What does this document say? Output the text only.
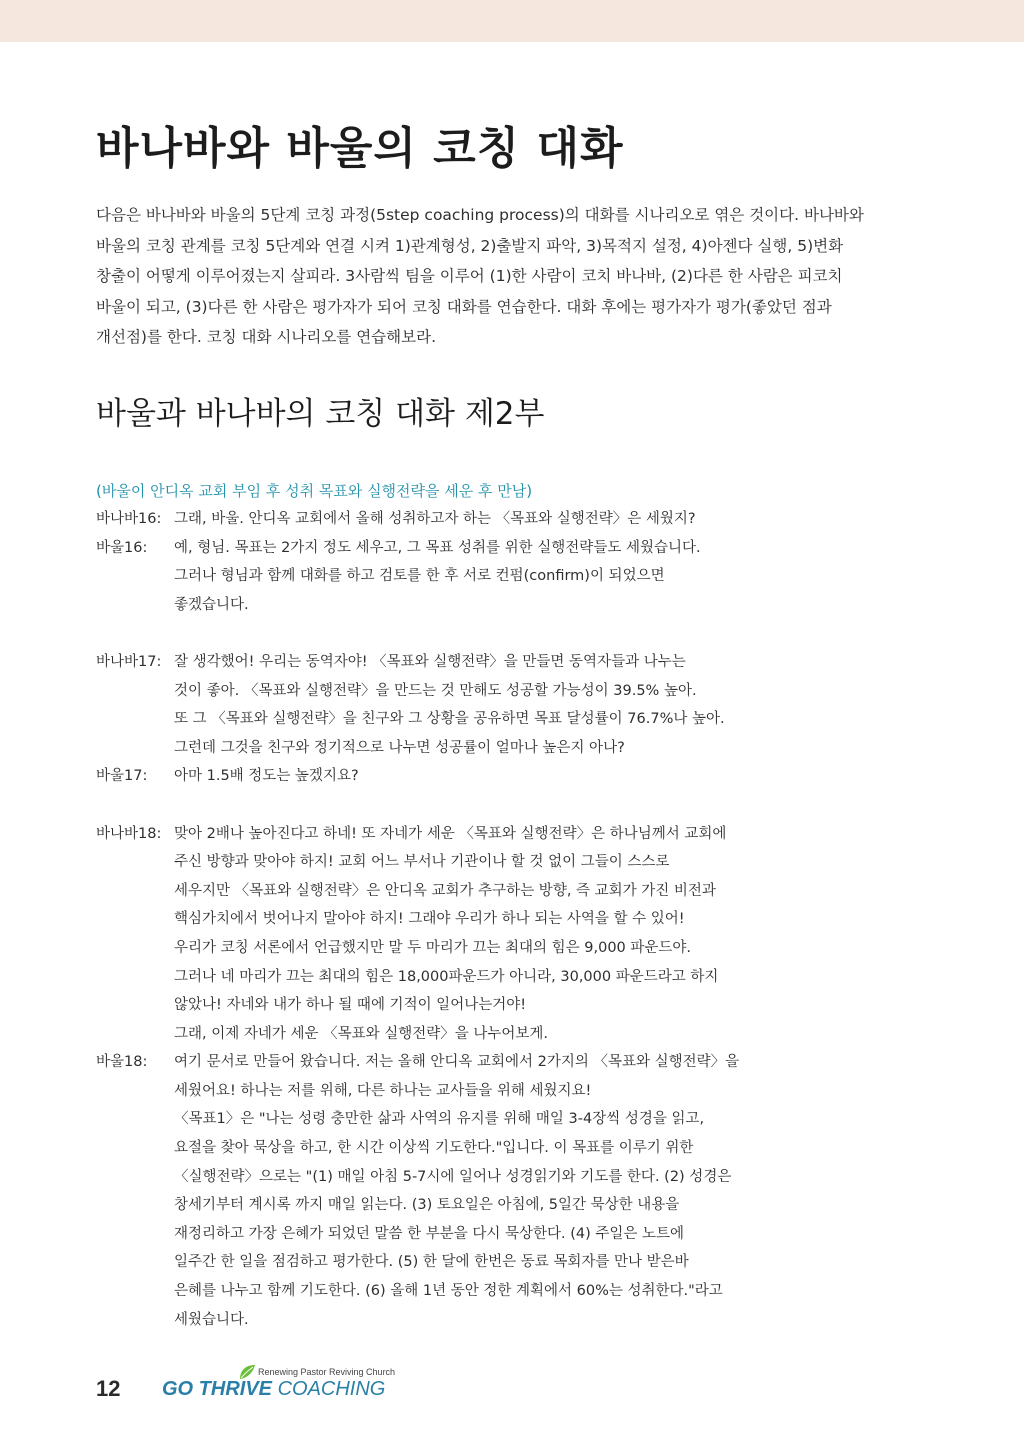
바나바와 바울의 코칭 대화
다음은 바나바와 바울의 5단계 코칭 과정(5step coaching process)의 대화를 시나리오로 엮은 것이다. 바나바와
바울의 코칭 관계를 코칭 5단계와 연결 시켜 1)관계형성, 2)출발지 파악, 3)목적지 설정, 4)아젠다 실행, 5)변화
창출이 어떻게 이루어졌는지 살피라. 3사람씩 팀을 이루어 (1)한 사람이 코치 바나바, (2)다른 한 사람은 피코치
바울이 되고, (3)다른 한 사람은 평가자가 되어 코칭 대화를 연습한다. 대화 후에는 평가자가 평가(좋았던 점과
개선점)를 한다. 코칭 대화 시나리오를 연습해보라.
바울과 바나바의 코칭 대화 제2부

(바울이 안디옥 교회 부임 후 성취 목표와 실행전략을 세운 후 만남)

바나바16: 그래, 바울. 안디옥 교회에서 올해 성취하고자 하는 〈목표와 실행전략〉은 세웠지?
바울16:	예, 형님. 목표는 2가지 정도 세우고, 그 목표 성취를 위한 실행전략들도 세웠습니다.
그러나 형님과 함께 대화를 하고 검토를 한 후 서로 컨펌(confirm)이 되었으면
좋겠습니다.
바나바17: 잘 생각했어! 우리는 동역자야! 〈목표와 실행전략〉을 만들면 동역자들과 나누는
것이 좋아. 〈목표와 실행전략〉을 만드는 것 만해도 성공할 가능성이 39.5% 높아.
또 그 〈목표와 실행전략〉을 친구와 그 상황을 공유하면 목표 달성률이 76.7%나 높아.
그런데 그것을 친구와 정기적으로 나누면 성공률이 얼마나 높은지 아나?
바울17:	아마 1.5배 정도는 높겠지요?
바나바18: 맞아 2배나 높아진다고 하네! 또 자네가 세운 〈목표와 실행전략〉은 하나님께서 교회에
주신 방향과 맞아야 하지! 교회 어느 부서나 기관이나 할 것 없이 그들이 스스로
세우지만 〈목표와 실행전략〉은 안디옥 교회가 추구하는 방향, 즉 교회가 가진 비전과
핵심가치에서 벗어나지 말아야 하지! 그래야 우리가 하나 되는 사역을 할 수 있어!
우리가 코칭 서론에서 언급했지만 말 두 마리가 끄는 최대의 힘은 9,000 파운드야.
그러나 네 마리가 끄는 최대의 힘은 18,000파운드가 아니라, 30,000 파운드라고 하지
않았나! 자네와 내가 하나 될 때에 기적이 일어나는거야!
그래, 이제 자네가 세운 〈목표와 실행전략〉을 나누어보게.
바울18:	여기 문서로 만들어 왔습니다. 저는 올해 안디옥 교회에서 2가지의 〈목표와 실행전략〉을
세웠어요! 하나는 저를 위해, 다른 하나는 교사들을 위해 세웠지요!
〈목표1〉은 "나는 성령 충만한 삶과 사역의 유지를 위해 매일 3-4장씩 성경을 읽고,
요절을 찾아 묵상을 하고, 한 시간 이상씩 기도한다."입니다. 이 목표를 이루기 위한
〈실행전략〉으로는 "(1) 매일 아침 5-7시에 일어나 성경읽기와 기도를 한다. (2) 성경은
창세기부터 계시록 까지 매일 읽는다. (3) 토요일은 아침에, 5일간 묵상한 내용을
재정리하고 가장 은혜가 되었던 말씀 한 부분을 다시 묵상한다. (4) 주일은 노트에
일주간 한 일을 점검하고 평가한다. (5) 한 달에 한번은 동료 목회자를 만나 받은바
은혜를 나누고 함께 기도한다. (6) 올해 1년 동안 정한 계획에서 60%는 성취한다."라고
세웠습니다.
12
Renewing Pastor Reviving Church
GO THRIVE COACHING
